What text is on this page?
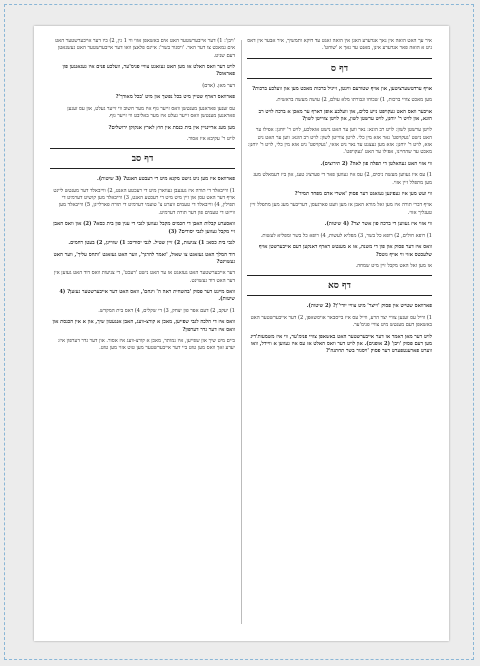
איר עך האט הואה אין נאך אנדערע האגן אין הואה זאגט עד דוקא ותמשיך, איר אבער אין דאס ניט א הואה פאר אנדערע אינן, מאנט עד נאך א 'שוחט'.

דף ס

אויף ערדטשערציטען, און אויף שטורעם ווינטן, זייניל ברכות מאכט מען און וועלכע ברכות?

מען מאכט צוויי ברכות, 1) שכוחו וגבורתו מלא עולם, 2) עושה מעשה בראשית.

אויבער וואס האט געקויפט נייע כלים, און וועלכע אופן דארף ער מאכן א ברכה לויט רב הונא, און לויט ר' יוחנן, לויט ערשטן לשון, און לויטן צווייטן לשון?

לויטן ערשטן לשון: לויט רב הונא: נאר ווען ער האט נישט אזאלכע, לויט ר' יוחנן: אפילו ער האט נישט 'געקויפט' נאר אזא מין כלי. לויטן צווייטן לשון: לויט רב הונא: ווען ער האט ניט אזא, לויט ר' יוחנן: אזא מען געצנט עד נאר ניט אזאי, 'געקויפט' ניט אזא מין כלי, לויט ר' יוחנן: מאכט עד שהחיינו, אפילו ער האט 'געקויפט'.

ווי אזוי האט געהאלטן די תפלה פון לאה? (2 תירוצים).

1) עס איז געווען מעשה ניסים, 2) עס איז געווען פאר די פערציג טעג, און ביז דעמאלט מעג מען מתפלל זיין אזוי.

ווי ועש מען איז געפינען געזאגט דער פסוק 'אשרי אדם מפחד תמיד'?

אויף דברי תורה איז מען זאל מורא האבן אז מען וועט פארגעסן, דעריבער מעג מען מתפלל זיין טעגליך אזוי.

ווי אזוי איז געווען די ברכה פון אשר יצר? (4 שיטות).

1) רופא חולים, 2) רופא כל בשר, 3) מפליא לעשות, 4) רופא כל בשר ומפליא לעשות.

וואס איז דער פסוק און פון די משנה, אז א מענטש דארף דאנקען דעם אייבערשטן אויף שלעכטס אזוי ווי אויף גוטס?

אז מען זאל האט מקבל זיין מיט שמחה.

דף סא

פארוואס שטייט אין פסוק 'וייצר' מיט צוויי יודי''ן? (2 שיטות).

1) ווייל עס זענען צוויי יצר הרע, ווייל עס איז בייסבאר אויסשאפן, 2) דער אייבערשטער האט באשאפן דעם מענטש מיט צוויי פנימ'ער.

לויט דער מאן דאמר אז דער אייבערשטער האט באשאפן צוויי פנימ'ער, ווי איז משמעות'דיג מען דעם פסוק 'ויבן' (2 אופנים). און לויט דער וואס האלט אז עס איז געווען א וויידל, וואו ווערט פארענטפערט דער פסוק 'ויסגור בשר תחתנה'?

'ויבן': 1) דער אייבערשטער האט אים באשאפן אזוי ווי 1 נין, 2) ביז דער אייבערשטער האט אים גמאכט צו דער האר. 'ויסגור בשר': איינס פלאצן וואו דער אייבערשטער האט געשנאטן דעם שניט.

לויט דער וואס האלט אז מען האט געזאגט צוויי פנימ'ער, וועלכע פנים איז געגאנגען פון פאראוס?

דער מאן. (אדם)

פארוואס דארף שטיין מיט בכל נפשך און מיט 'בכל מאודך'?

עס זענען פאראנען מענטשן וואס זייער גוף איז מער חשוב ווי זייער געלט, און עס זענען פאראנען מענטשן וואס זייער געלט איז מער באליבט ווי זייער גוף.

מען מעג אריינגיין אין בית כנסת אין חוץ לארץ אנקוקן ירושלים?

לויט ר' עקיבא איז אסור.

דף סב

פארוואס איז מען ניט גישט מקנא מיט די רעבטע האנט? (3 שיטות).

1) ווייבאלד די תורה איז געגעבן געווארן מיט די רעכטע האנט, 2) ווייבאלד דער מענטש ליינט אויף דער האט עסן און זיין מיט מיט די רעכטע האנט, 3) ווייבאלד מען קושיט דערמיט די תפילין, 4) ווייבאלד די טעמים ווערט צ' טועמי דערמיט די תורה פארלייגן, 5) ווייבאלד מען ווייזט די טעמים פון דער תורה דערמיט.

וואסערע קבלות האבן די חכמים מקבל געווען לגבי די ענין פון בית כסא? (2) און וואס האבן זיי מקבל געווען לגבי יסודים? (3)

לגבי בית כסא: 1) צניעות, 2) זיין שטיל. לגבי יסודים: 1) שווייגן, 2) בעטן רחמים.

דוד המלך האט געזאגט צו שאול, 'ואמר להרגך', ווער האט געזאגט 'ותחס עליך', ווער האט געשוינט?

דער אייבערשטער האט געזאגט אז ער האט נישט 'רעכט', די צניעות וואס דוד האט געזען אין דער האט דוד געשוינט.

וואס מיינט דער פסוק 'בהשחית ראה ה' וינחם', וואס האט דער אייבערשטער געזען? (4 שיטות).

1) יעקב, 2) דעם אפר פון יצחק, 3) די שקלים, 4) דאס בית המקדש.

וואס איז די הלכה לגבי שפייען, מאכן א קורצ-וועג, האבן אנגעטון שיך, און א אין הכנסת און וואס איז דער גדר דערפון?

ביים מיט שיך און שפייען, איז נמותר, מאכן א קורצ-וועג איז אסור. און דער גדר דערפון איז: יעדע זאך וואס מען טוט ביי דער אייבערשטער מען טוט אזוי מען טוט.
